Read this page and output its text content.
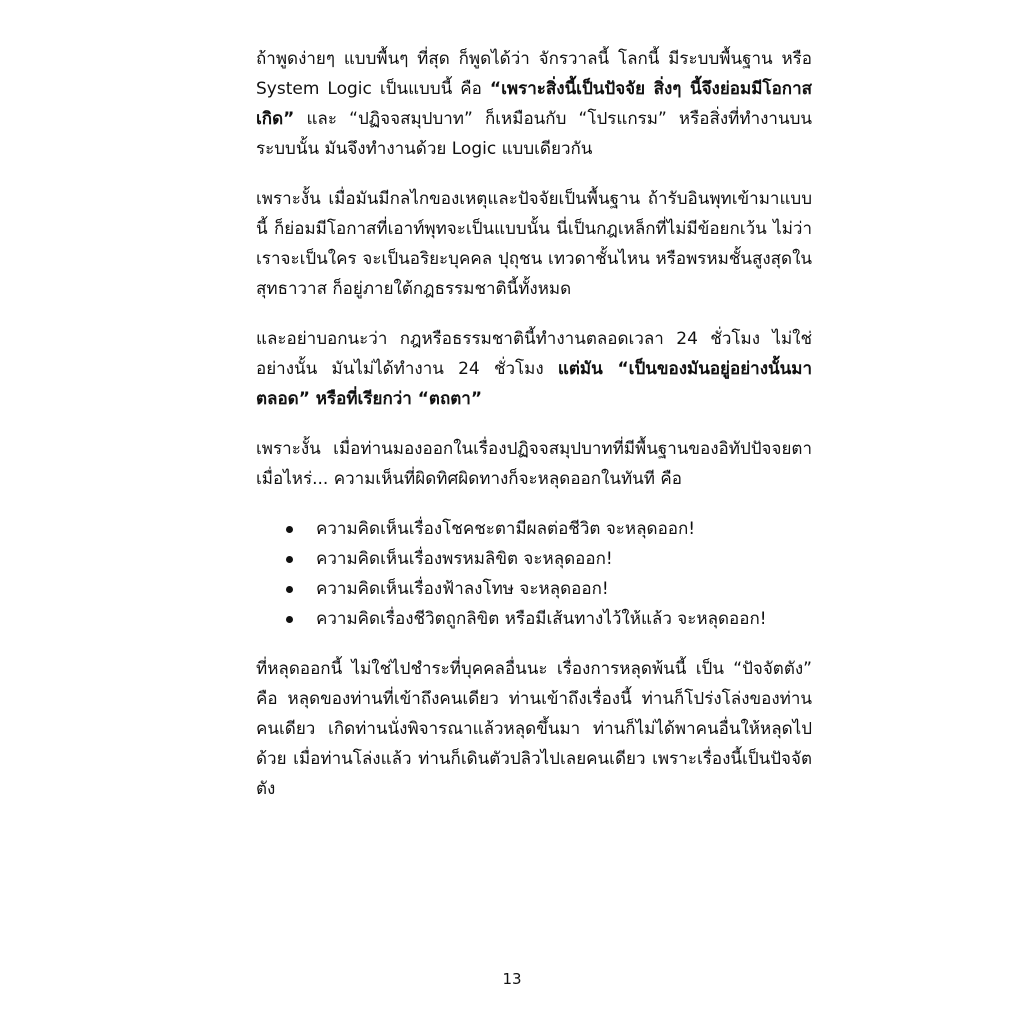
ถ้าพูดง่ายๆ แบบพื้นๆ ที่สุด ก็พูดได้ว่า จักรวาลนี้ โลกนี้ มีระบบพื้นฐาน หรือ System Logic เป็นแบบนี้ คือ “เพราะสิ่งนี้เป็นปัจจัย สิ่งๆ นี้จึงย่อมมีโอกาสเกิด” และ “ปฏิจจสมุปบาท” ก็เหมือนกับ “โปรแกรม” หรือสิ่งที่ทำงานบนระบบนั้น มันจึงทำงานด้วย Logic แบบเดียวกัน

เพราะงั้น เมื่อมันมีกลไกของเหตุและปัจจัยเป็นพื้นฐาน ถ้ารับอินพุทเข้ามาแบบนี้ ก็ย่อมมีโอกาสที่เอาท์พุทจะเป็นแบบนั้น นี่เป็นกฎเหล็กที่ไม่มีข้อยกเว้น ไม่ว่าเราจะเป็นใคร จะเป็นอริยะบุคคล ปุถุชน เทวดาชั้นไหน หรือพรหมชั้นสูงสุดในสุทธาวาส ก็อยู่ภายใต้กฎธรรมชาตินี้ทั้งหมด

และอย่าบอกนะว่า กฎหรือธรรมชาตินี้ทำงานตลอดเวลา 24 ชั่วโมง ไม่ใช่อย่างนั้น มันไม่ได้ทำงาน 24 ชั่วโมง แต่มัน “เป็นของมันอยู่อย่างนั้นมาตลอด” หรือที่เรียกว่า “ตถตา”

เพราะงั้น เมื่อท่านมองออกในเรื่องปฏิจจสมุปบาทที่มีพื้นฐานของอิทัปปัจจยตาเมื่อไหร่... ความเห็นที่ผิดทิศผิดทางก็จะหลุดออกในทันที คือ

ความคิดเห็นเรื่องโชคชะตามีผลต่อชีวิต จะหลุดออก!
ความคิดเห็นเรื่องพรหมลิขิต จะหลุดออก!
ความคิดเห็นเรื่องฟ้าลงโทษ จะหลุดออก!
ความคิดเรื่องชีวิตถูกลิขิต หรือมีเส้นทางไว้ให้แล้ว จะหลุดออก!

ที่หลุดออกนี้ ไม่ใช่ไปชำระที่บุคคลอื่นนะ เรื่องการหลุดพ้นนี้ เป็น “ปัจจัตตัง” คือ หลุดของท่านที่เข้าถึงคนเดียว ท่านเข้าถึงเรื่องนี้ ท่านก็โปร่งโล่งของท่านคนเดียว เกิดท่านนั่งพิจารณาแล้วหลุดขึ้นมา ท่านก็ไม่ได้พาคนอื่นให้หลุดไปด้วย เมื่อท่านโล่งแล้ว ท่านก็เดินตัวปลิวไปเลยคนเดียว เพราะเรื่องนี้เป็นปัจจัตตัง

13
